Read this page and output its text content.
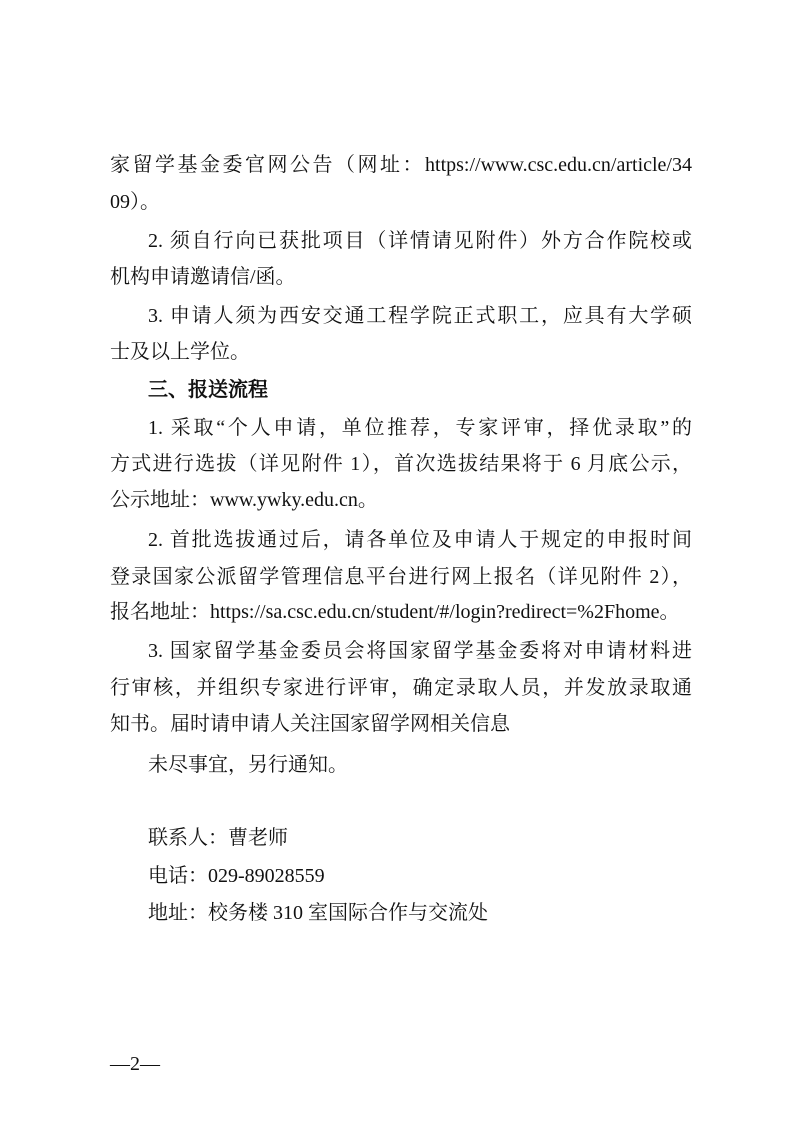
家留学基金委官网公告（网址：https://www.csc.edu.cn/article/34
09）。
2. 须自行向已获批项目（详情请见附件）外方合作院校或
机构申请邀请信/函。
3. 申请人须为西安交通工程学院正式职工，应具有大学硕
士及以上学位。
三、报送流程
1. 采取“个人申请，单位推荐，专家评审，择优录取”的
方式进行选拔（详见附件 1），首次选拔结果将于 6 月底公示，
公示地址：www.ywky.edu.cn。
2. 首批选拔通过后，请各单位及申请人于规定的申报时间
登录国家公派留学管理信息平台进行网上报名（详见附件 2），
报名地址：https://sa.csc.edu.cn/student/#/login?redirect=%2Fhome。
3. 国家留学基金委员会将国家留学基金委将对申请材料进
行审核，并组织专家进行评审，确定录取人员，并发放录取通
知书。届时请申请人关注国家留学网相关信息
未尽事宜，另行通知。
联系人：曹老师
电话：029-89028559
地址：校务楼 310 室国际合作与交流处
—2—
